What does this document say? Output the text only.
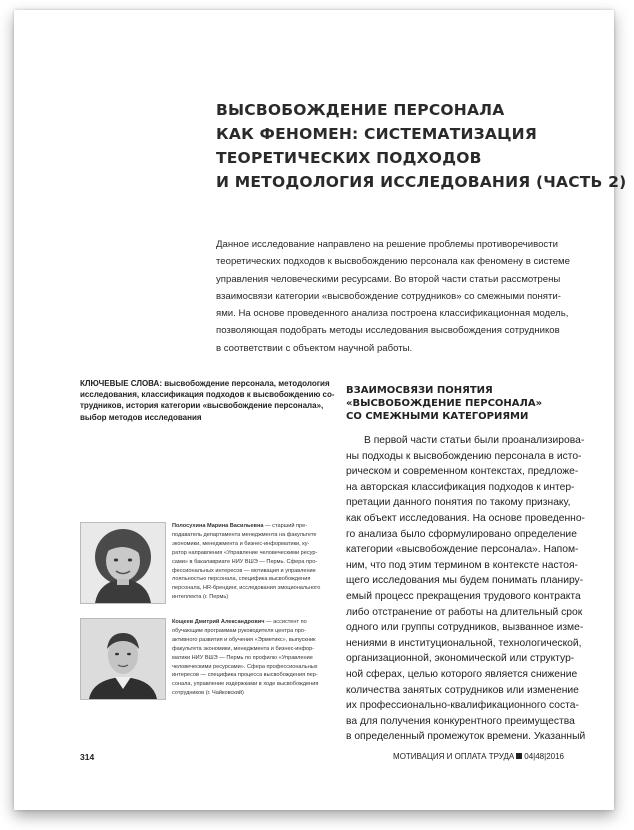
ВЫСВОБОЖДЕНИЕ ПЕРСОНАЛА
КАК ФЕНОМЕН: СИСТЕМАТИЗАЦИЯ
ТЕОРЕТИЧЕСКИХ ПОДХОДОВ
И МЕТОДОЛОГИЯ ИССЛЕДОВАНИЯ (ЧАСТЬ 2)
Данное исследование направлено на решение проблемы противоречивости
теоретических подходов к высвобождению персонала как феномену в системе
управления человеческими ресурсами. Во второй части статьи рассмотрены
взаимосвязи категории «высвобождение сотрудников» со смежными поняти-
ями. На основе проведенного анализа построена классификационная модель,
позволяющая подобрать методы исследования высвобождения сотрудников
в соответствии с объектом научной работы.
КЛЮЧЕВЫЕ СЛОВА: высвобождение персонала, методология
исследования, классификация подходов к высвобождению со-
трудников, история категории «высвобождение персонала»,
выбор методов исследования
ВЗАИМОСВЯЗИ ПОНЯТИЯ
«ВЫСВОБОЖДЕНИЕ ПЕРСОНАЛА»
СО СМЕЖНЫМИ КАТЕГОРИЯМИ
В первой части статьи были проанализирова-
ны подходы к высвобождению персонала в исто-
рическом и современном контекстах, предложе-
на авторская классификация подходов к интер-
претации данного понятия по такому признаку,
как объект исследования. На основе проведенно-
го анализа было сформулировано определение
категории «высвобождение персонала». Напом-
ним, что под этим термином в контексте настоя-
щего исследования мы будем понимать планиру-
емый процесс прекращения трудового контракта
либо отстранение от работы на длительный срок
одного или группы сотрудников, вызванное изме-
нениями в институциональной, технологической,
организационной, экономической или структур-
ной сферах, целью которого является снижение
количества занятых сотрудников или изменение
их профессионально-квалификационного соста-
ва для получения конкурентного преимущества
в определенный промежуток времени. Указанный
Полосухина Марина Васильевна — старший пре-
подаватель департамента менеджмента на факультете
экономики, менеджмента и бизнес-информатики, ку-
ратор направления «Управление человеческими ресур-
сами» в бакалавриате НИУ ВШЭ — Пермь. Сфера про-
фессиональных интересов — мотивация и управление
лояльностью персонала, специфика высвобождения
персонала, HR-брендинг, исследования эмоционального
интеллекта (г. Пермь)
Кощеев Дмитрий Александрович — ассистент по
обучающим программам руководителя центра про-
активного развития и обучения «Эрметикс», выпускник
факультета экономики, менеджмента и бизнес-инфор-
матики НИУ ВШЭ — Пермь по профилю «Управление
человеческими ресурсами». Сфера профессиональных
интересов — специфика процесса высвобождения пер-
сонала, управление издержками в ходе высвобождения
сотрудников (г. Чайковский)
314	МОТИВАЦИЯ И ОПЛАТА ТРУДА 04|48|2016
